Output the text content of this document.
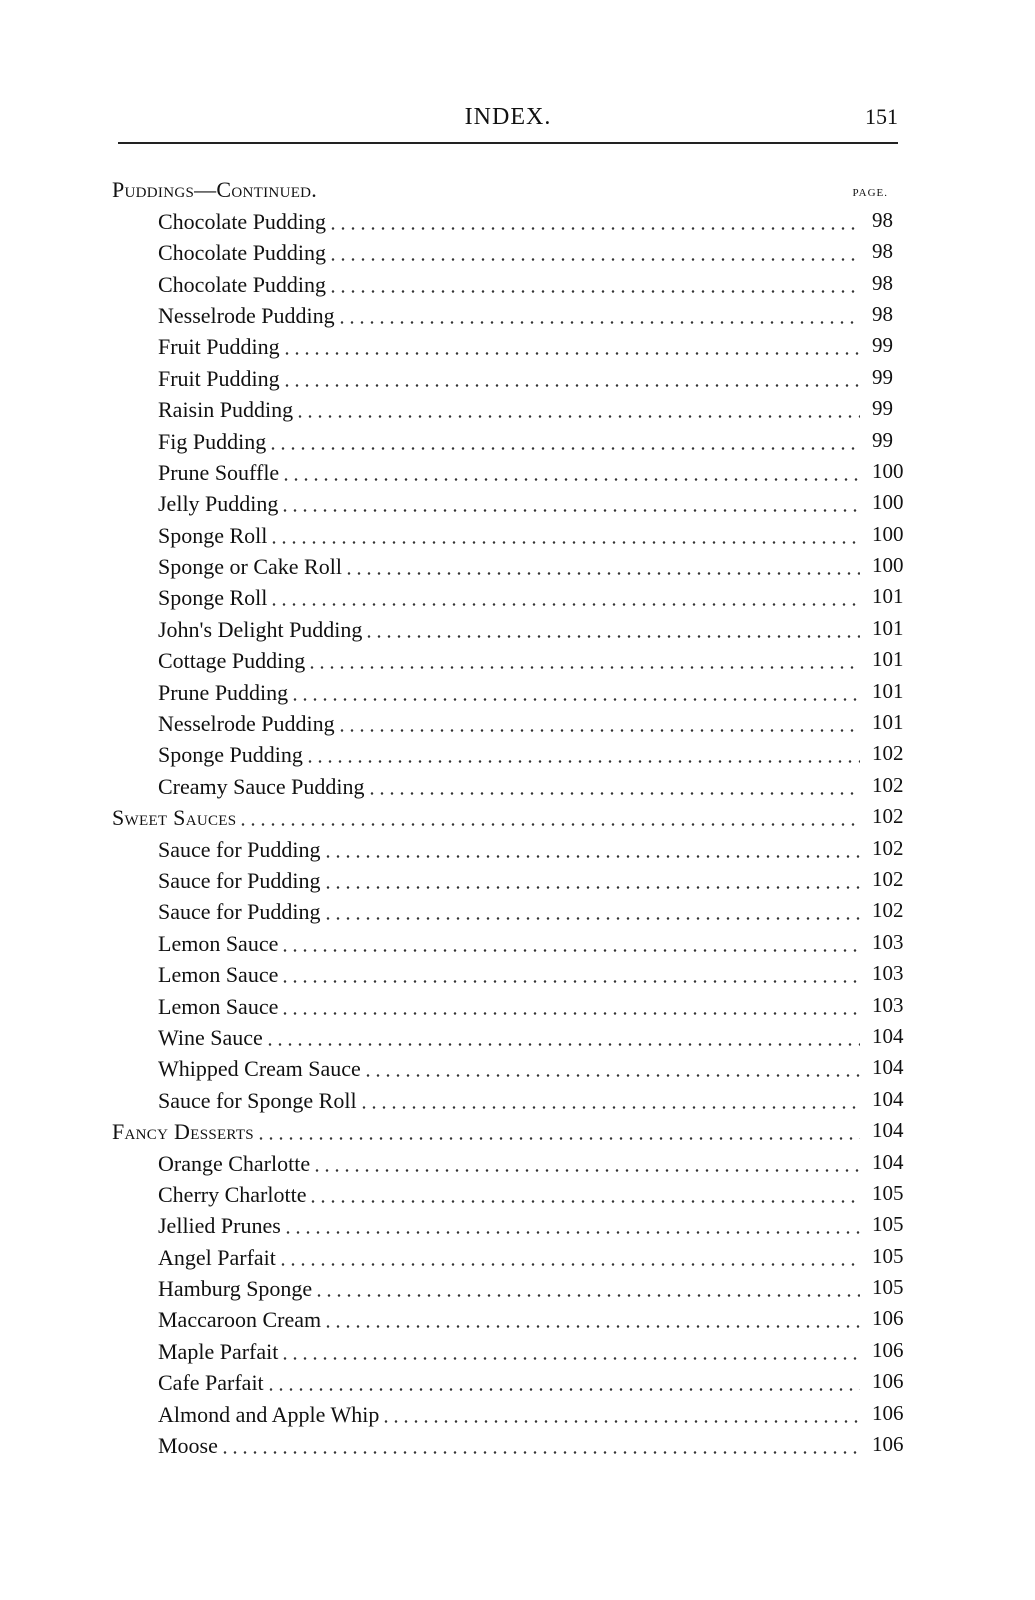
INDEX.	151
Puddings—Continued.	PAGE.
Chocolate Pudding	98
Chocolate Pudding	98
Chocolate Pudding	98
Nesselrode Pudding	98
Fruit Pudding	99
Fruit Pudding	99
Raisin Pudding	99
Fig Pudding	99
Prune Souffle	100
Jelly Pudding	100
Sponge Roll	100
Sponge or Cake Roll	100
Sponge Roll	101
John's Delight Pudding	101
Cottage Pudding	101
Prune Pudding	101
Nesselrode Pudding	101
Sponge Pudding	102
Creamy Sauce Pudding	102
Sweet Sauces	102
Sauce for Pudding	102
Sauce for Pudding	102
Sauce for Pudding	102
Lemon Sauce	103
Lemon Sauce	103
Lemon Sauce	103
Wine Sauce	104
Whipped Cream Sauce	104
Sauce for Sponge Roll	104
Fancy Desserts	104
Orange Charlotte	104
Cherry Charlotte	105
Jellied Prunes	105
Angel Parfait	105
Hamburg Sponge	105
Maccaroon Cream	106
Maple Parfait	106
Cafe Parfait	106
Almond and Apple Whip	106
Moose	106
